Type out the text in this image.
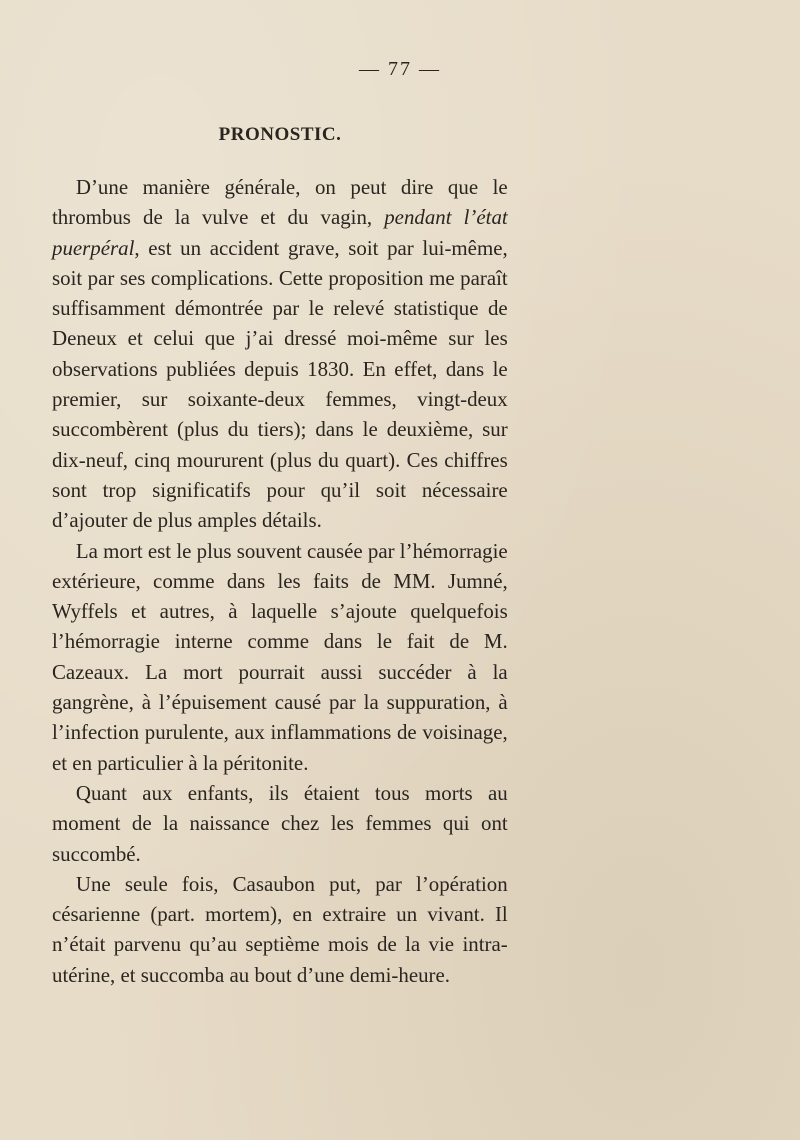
— 77 —
PRONOSTIC.

D’une manière générale, on peut dire que le thrombus de la vulve et du vagin, pendant l’état puerpéral, est un accident grave, soit par lui-même, soit par ses complications. Cette proposition me paraît suffisamment démontrée par le relevé statistique de Deneux et celui que j’ai dressé moi-même sur les observations publiées depuis 1830. En effet, dans le premier, sur soixante-deux femmes, vingt-deux succombèrent (plus du tiers); dans le deuxième, sur dix-neuf, cinq moururent (plus du quart). Ces chiffres sont trop significatifs pour qu’il soit nécessaire d’ajouter de plus amples détails.

La mort est le plus souvent causée par l’hémorragie extérieure, comme dans les faits de MM. Jumné, Wyffels et autres, à laquelle s’ajoute quelquefois l’hémorragie interne comme dans le fait de M. Cazeaux. La mort pourrait aussi succéder à la gangrène, à l’épuisement causé par la suppuration, à l’infection purulente, aux inflammations de voisinage, et en particulier à la péritonite.

Quant aux enfants, ils étaient tous morts au moment de la naissance chez les femmes qui ont succombé.

Une seule fois, Casaubon put, par l’opération césarienne (part. mortem), en extraire un vivant. Il n’était parvenu qu’au septième mois de la vie intra-utérine, et succomba au bout d’une demi-heure.
